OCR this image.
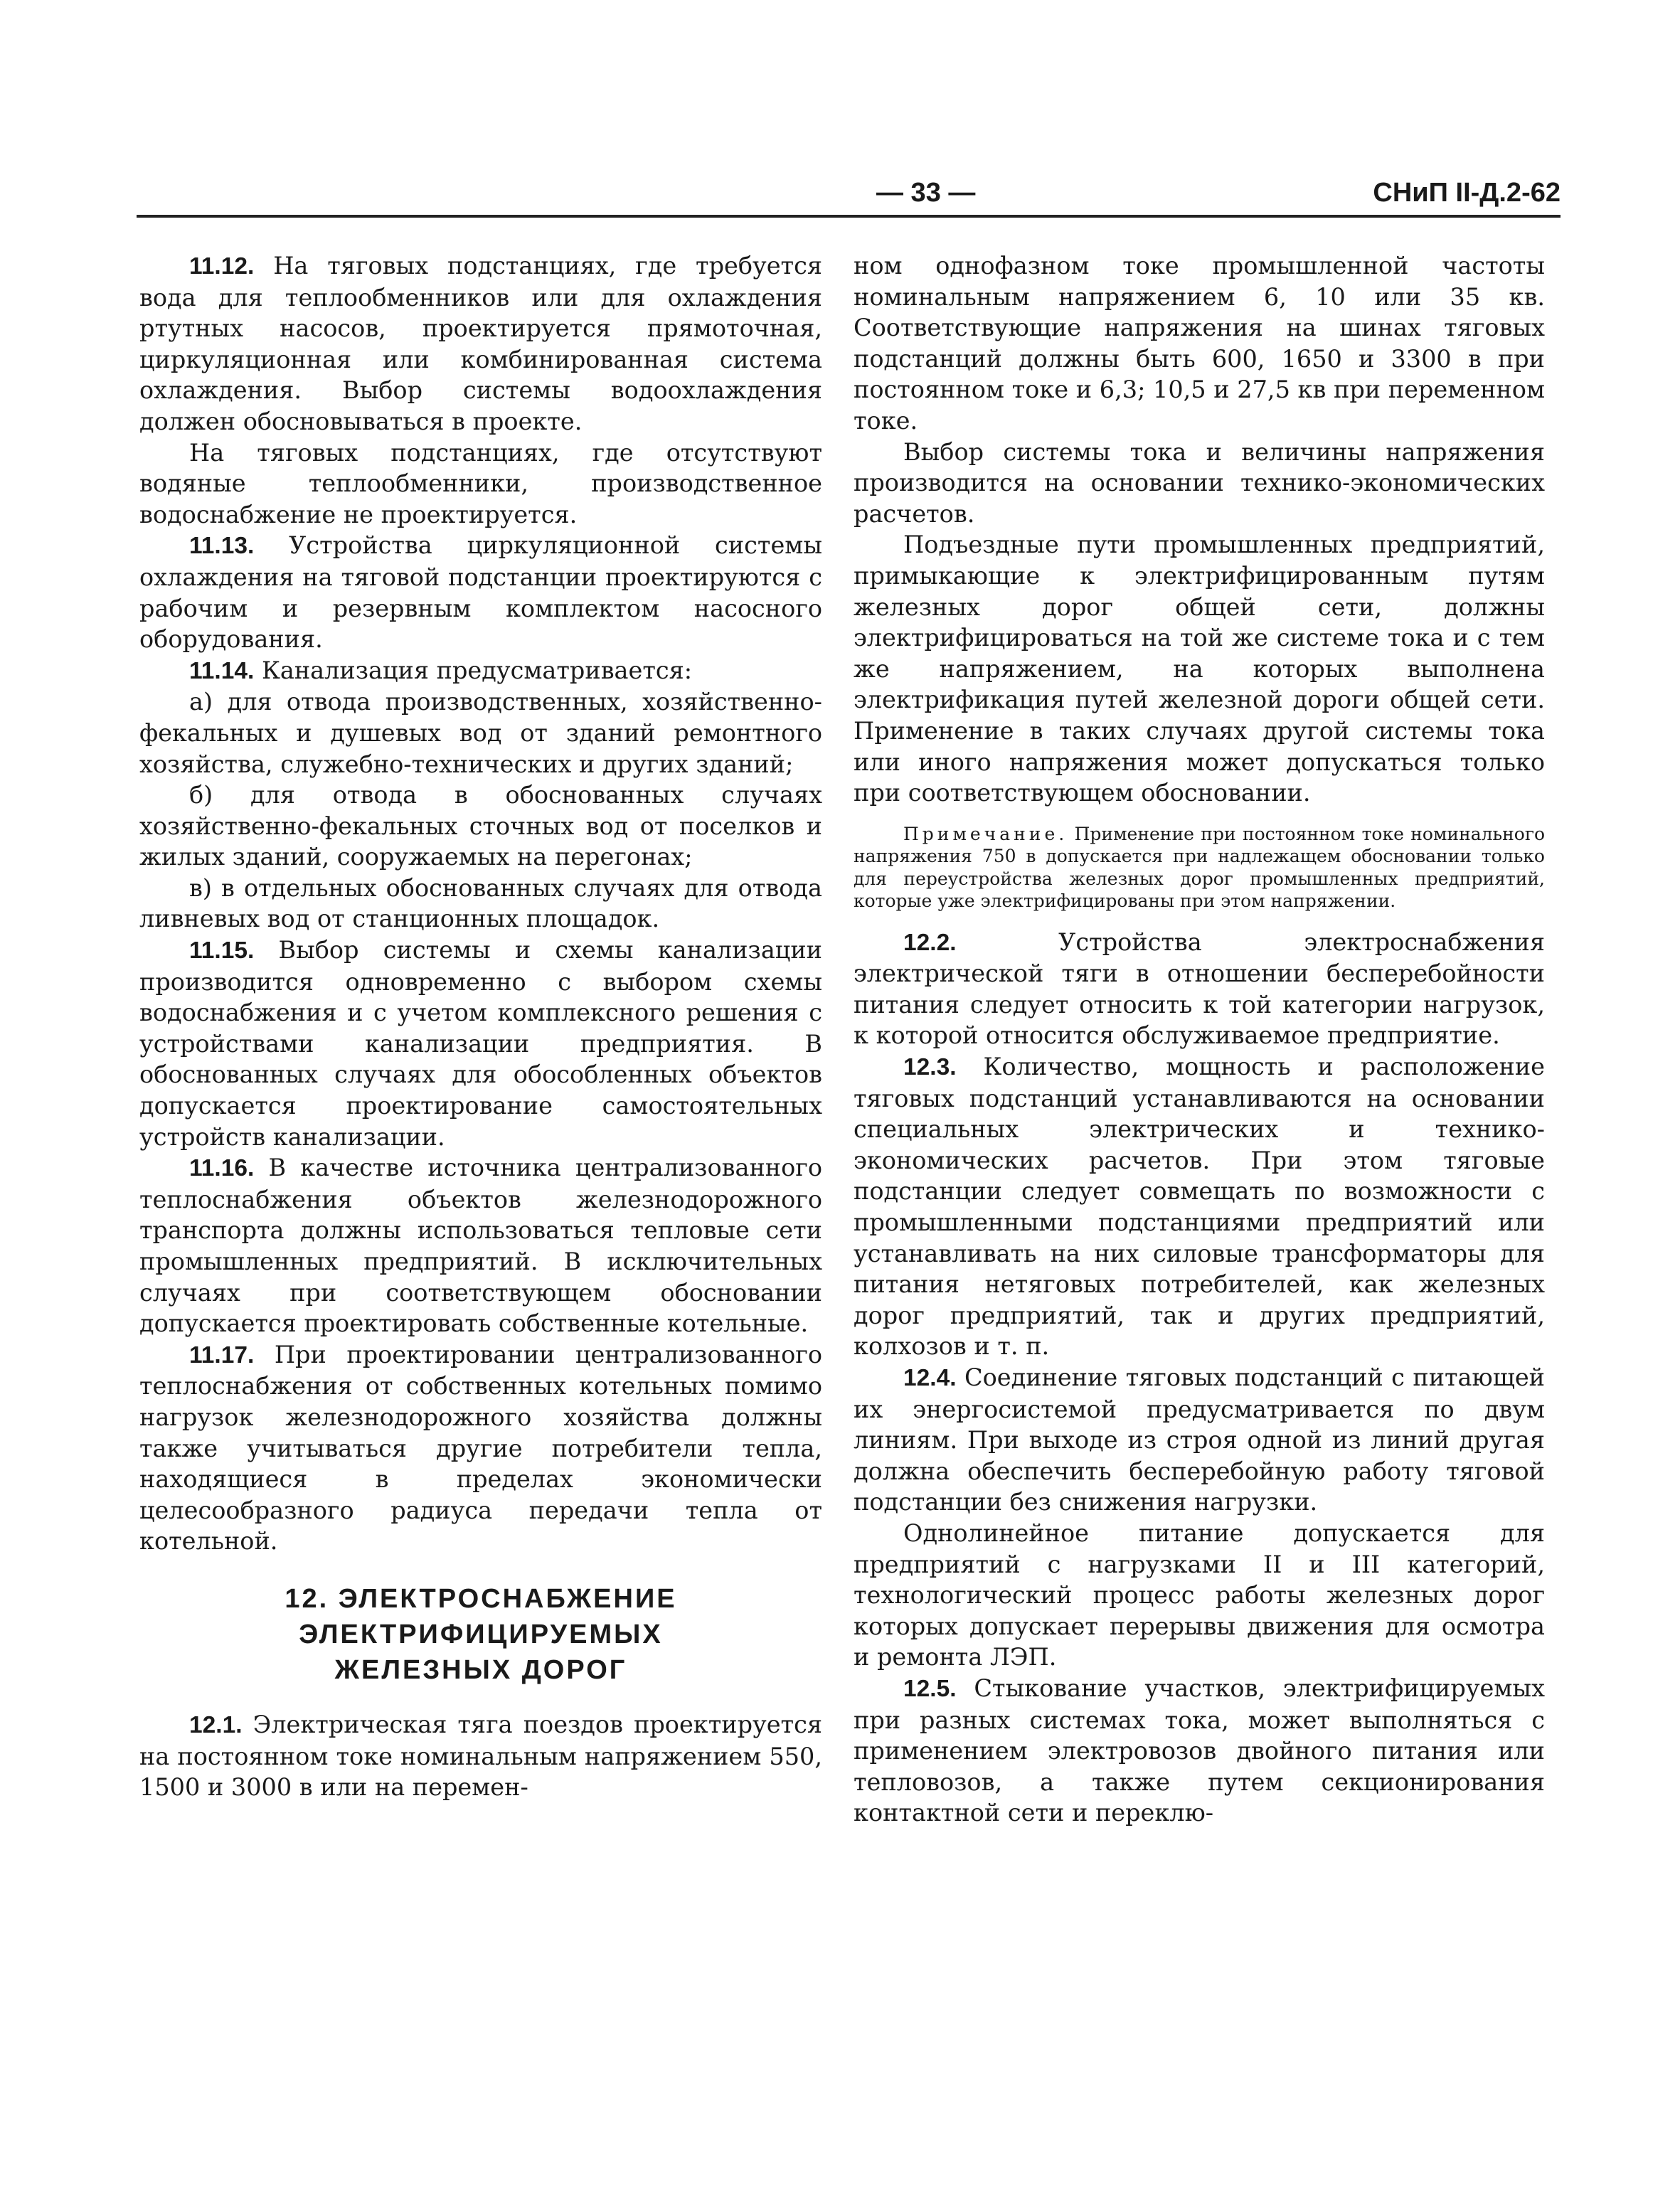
— 33 —	СНиП II-Д.2-62

11.12. На тяговых подстанциях, где требуется вода для теплообменников или для охлаждения ртутных насосов, проектируется прямоточная, циркуляционная или комбинированная система охлаждения. Выбор системы водоохлаждения должен обосновываться в проекте.

На тяговых подстанциях, где отсутствуют водяные теплообменники, производственное водоснабжение не проектируется.

11.13. Устройства циркуляционной системы охлаждения на тяговой подстанции проектируются с рабочим и резервным комплектом насосного оборудования.

11.14. Канализация предусматривается:

а) для отвода производственных, хозяйственно-фекальных и душевых вод от зданий ремонтного хозяйства, служебно-технических и других зданий;

б) для отвода в обоснованных случаях хозяйственно-фекальных сточных вод от поселков и жилых зданий, сооружаемых на перегонах;

в) в отдельных обоснованных случаях для отвода ливневых вод от станционных площадок.

11.15. Выбор системы и схемы канализации производится одновременно с выбором схемы водоснабжения и с учетом комплексного решения с устройствами канализации предприятия. В обоснованных случаях для обособленных объектов допускается проектирование самостоятельных устройств канализации.

11.16. В качестве источника централизованного теплоснабжения объектов железнодорожного транспорта должны использоваться тепловые сети промышленных предприятий. В исключительных случаях при соответствующем обосновании допускается проектировать собственные котельные.

11.17. При проектировании централизованного теплоснабжения от собственных котельных помимо нагрузок железнодорожного хозяйства должны также учитываться другие потребители тепла, находящиеся в пределах экономически целесообразного радиуса передачи тепла от котельной.

12. ЭЛЕКТРОСНАБЖЕНИЕ
ЭЛЕКТРИФИЦИРУЕМЫХ
ЖЕЛЕЗНЫХ ДОРОГ

12.1. Электрическая тяга поездов проектируется на постоянном токе номинальным напряжением 550, 1500 и 3000 в или на перемен-

ном однофазном токе промышленной частоты номинальным напряжением 6, 10 или 35 кв. Соответствующие напряжения на шинах тяговых подстанций должны быть 600, 1650 и 3300 в при постоянном токе и 6,3; 10,5 и 27,5 кв при переменном токе.

Выбор системы тока и величины напряжения производится на основании технико-экономических расчетов.

Подъездные пути промышленных предприятий, примыкающие к электрифицированным путям железных дорог общей сети, должны электрифицироваться на той же системе тока и с тем же напряжением, на которых выполнена электрификация путей железной дороги общей сети. Применение в таких случаях другой системы тока или иного напряжения может допускаться только при соответствующем обосновании.

Примечание. Применение при постоянном токе номинального напряжения 750 в допускается при надлежащем обосновании только для переустройства железных дорог промышленных предприятий, которые уже электрифицированы при этом напряжении.

12.2.	Устройства электроснабжения электрической тяги в отношении бесперебойности питания следует относить к той категории нагрузок, к которой относится обслуживаемое предприятие.

12.3. Количество, мощность и расположение тяговых подстанций устанавливаются на основании специальных электрических и технико-экономических расчетов. При этом тяговые подстанции следует совмещать по возможности с промышленными подстанциями предприятий или устанавливать на них силовые трансформаторы для питания нетяговых потребителей, как железных дорог предприятий, так и других предприятий, колхозов и т. п.

12.4. Соединение тяговых подстанций с питающей их энергосистемой предусматривается по двум линиям. При выходе из строя одной из линий другая должна обеспечить бесперебойную работу тяговой подстанции без снижения нагрузки.

Однолинейное питание допускается для предприятий с нагрузками II и III категорий, технологический процесс работы железных дорог которых допускает перерывы движения для осмотра и ремонта ЛЭП.

12.5. Стыкование участков, электрифицируемых при разных системах тока, может выполняться с применением электровозов двойного питания или тепловозов, а также путем секционирования контактной сети и переклю-
